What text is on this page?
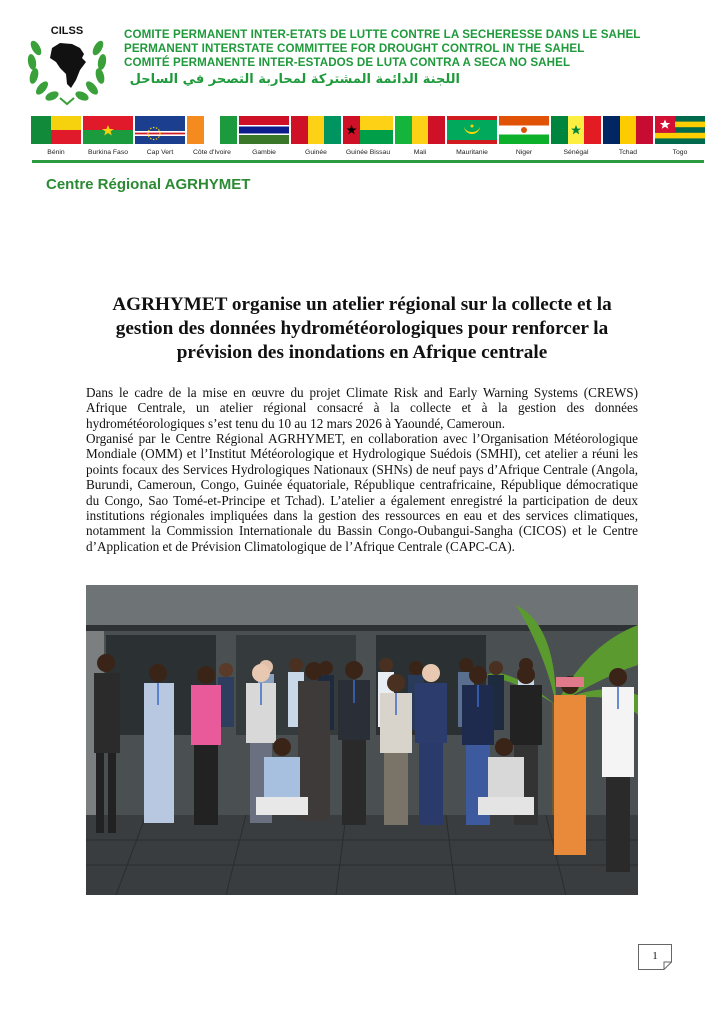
CILSS	COMITE PERMANENT INTER-ETATS DE LUTTE CONTRE LA SECHERESSE DANS LE SAHEL
PERMANENT INTERSTATE COMMITTEE FOR DROUGHT CONTROL IN THE SAHEL
COMITÉ PERMANENTE INTER-ESTADOS DE LUTA CONTRA A SECA NO SAHEL
اللجنة الدائمة المشتركة لمحاربة التصحر في الساحل
Bénin	Burkina Faso	Cap Vert	Côte d'Ivoire	Gambie	Guinée	Guinée Bissau	Mali	Mauritanie	Niger	Sénégal	Tchad	Togo
Centre Régional AGRHYMET
AGRHYMET organise un atelier régional sur la collecte et la gestion des données hydrométéorologiques pour renforcer la prévision des inondations en Afrique centrale

Dans le cadre de la mise en œuvre du projet Climate Risk and Early Warning Systems (CREWS) Afrique Centrale, un atelier régional consacré à la collecte et à la gestion des données hydrométéorologiques s’est tenu du 10 au 12 mars 2026 à Yaoundé, Cameroun.

Organisé par le Centre Régional AGRHYMET, en collaboration avec l’Organisation Météorologique Mondiale (OMM) et l’Institut Météorologique et Hydrologique Suédois (SMHI), cet atelier a réuni les points focaux des Services Hydrologiques Nationaux (SHNs) de neuf pays d’Afrique Centrale (Angola, Burundi, Cameroun, Congo, Guinée équatoriale, République centrafricaine, République démocratique du Congo, Sao Tomé-et-Principe et Tchad). L’atelier a également enregistré la participation de deux institutions régionales impliquées dans la gestion des ressources en eau et des services climatiques, notamment la Commission Internationale du Bassin Congo-Oubangui-Sangha (CICOS) et le Centre d’Application et de Prévision Climatologique de l’Afrique Centrale (CAPC-CA).

1
